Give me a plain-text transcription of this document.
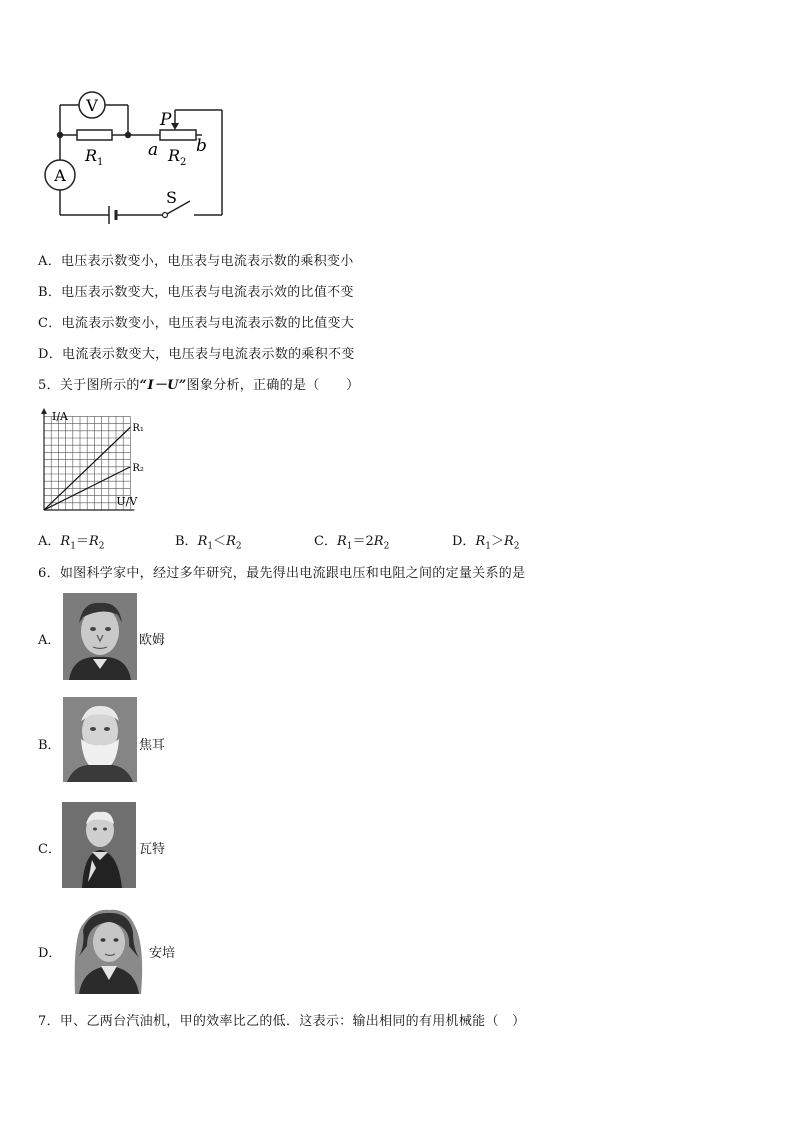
V
$R_1$
P
a $R_2$
b
A
S
A．电压表示数变小，电压表与电流表示数的乘积变小
B．电压表示数变大，电压表与电流表示效的比值不变
C．电流表示数变小，电压表与电流表示数的比值变大
D．电流表示数变大，电压表与电流表示数的乘积不变
5．关于图所示的“I－U”图象分析，正确的是（　　）
I/A
U/V
R₁
R₂
A．$R_1=R_2$	B．$R_1<R_2$	C．$R_1=2R_2$	D．$R_1>R_2$
6．如图科学家中，经过多年研究，最先得出电流跟电压和电阻之间的定量关系的是
A．	欧姆
B．	焦耳
C．	瓦特
D．	安培
7．甲、乙两台汽油机，甲的效率比乙的低．这表示：输出相同的有用机械能（　）
